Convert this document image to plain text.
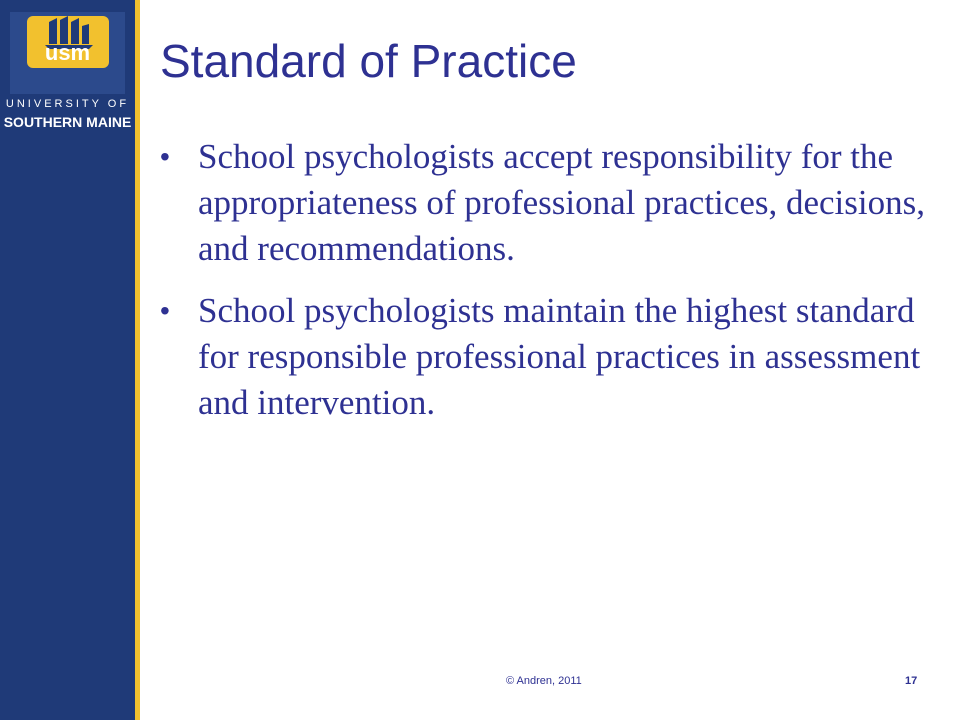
usm
UNIVERSITY OF
SOUTHERN MAINE
Standard of Practice
• School psychologists accept responsibility for the appropriateness of professional practices, decisions, and recommendations.
• School psychologists maintain the highest standard for responsible professional practices in assessment and intervention.
© Andren, 2011	17
